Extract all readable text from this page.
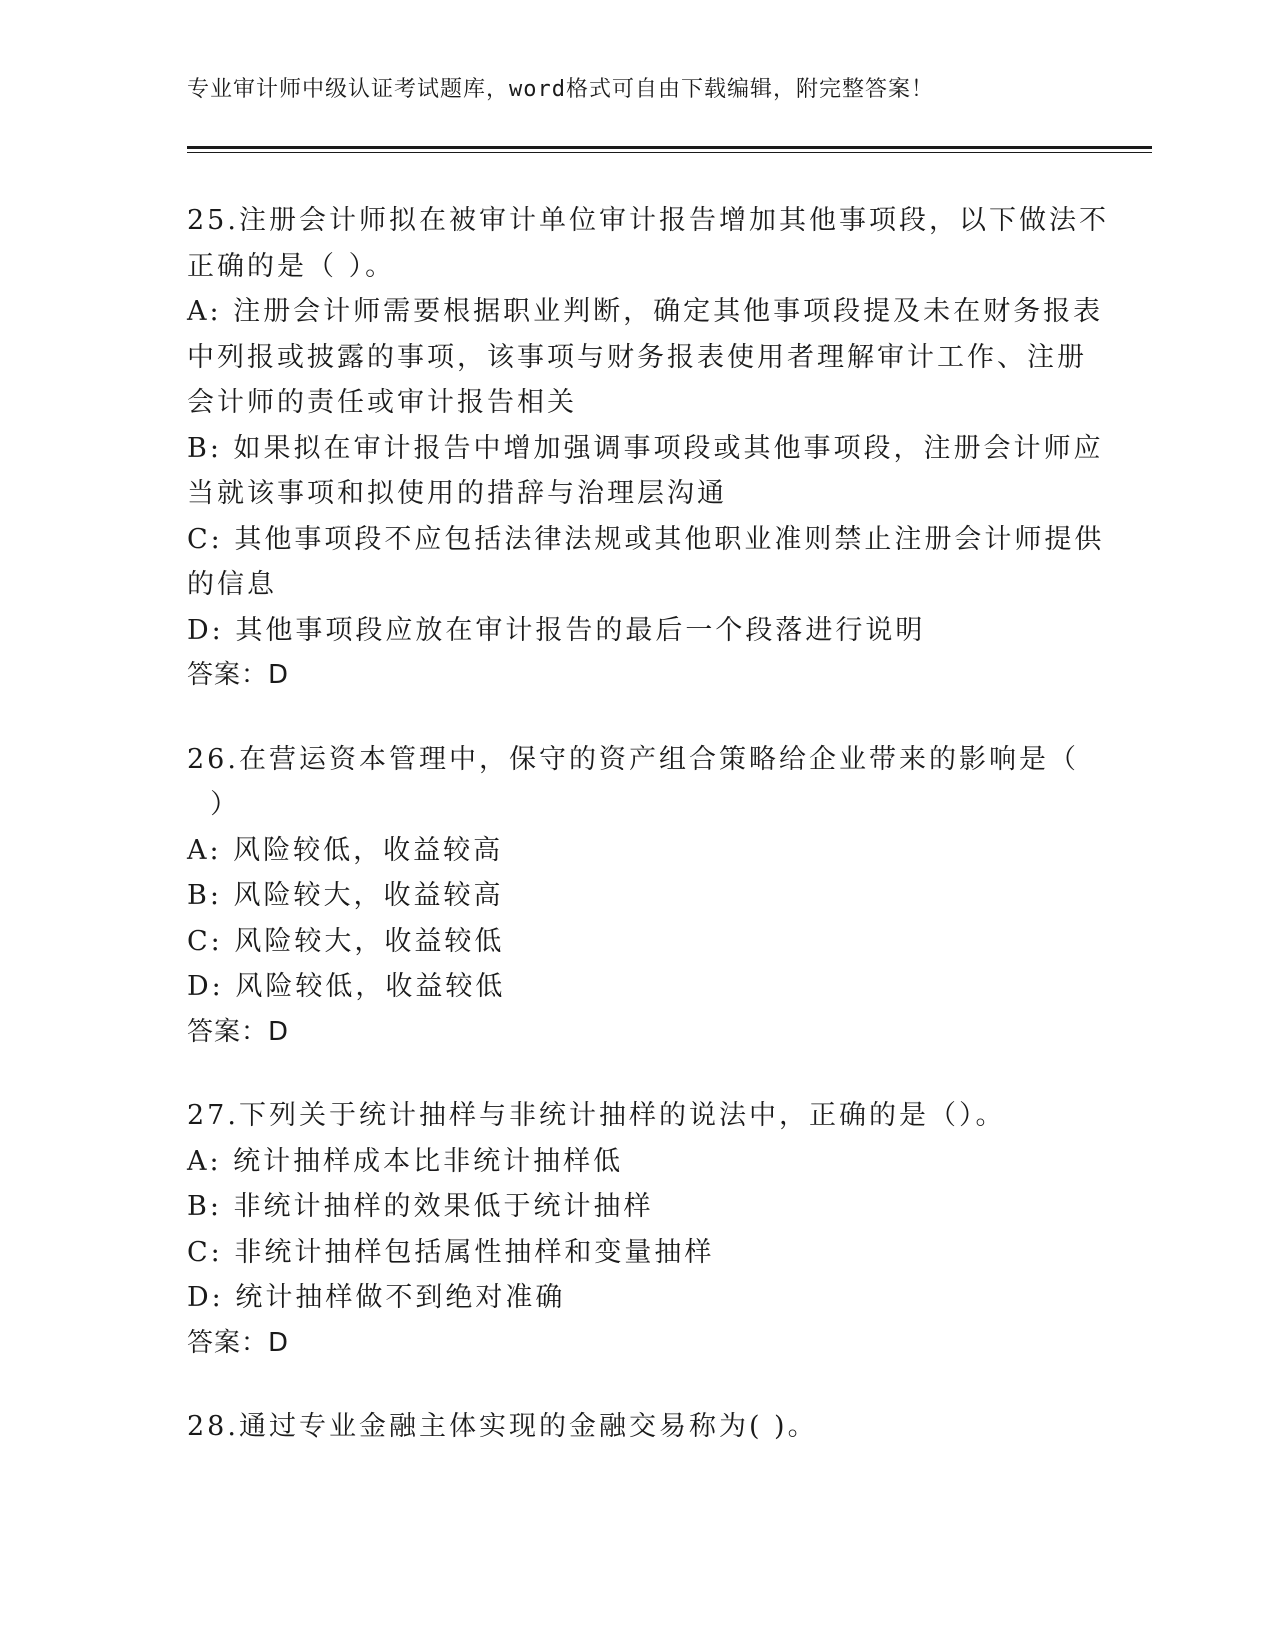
专业审计师中级认证考试题库，word格式可自由下载编辑，附完整答案！
25.注册会计师拟在被审计单位审计报告增加其他事项段，以下做法不
正确的是（ ）。
A: 注册会计师需要根据职业判断，确定其他事项段提及未在财务报表
中列报或披露的事项，该事项与财务报表使用者理解审计工作、注册
会计师的责任或审计报告相关
B: 如果拟在审计报告中增加强调事项段或其他事项段，注册会计师应
当就该事项和拟使用的措辞与治理层沟通
C: 其他事项段不应包括法律法规或其他职业准则禁止注册会计师提供
的信息
D: 其他事项段应放在审计报告的最后一个段落进行说明
答案：D
26.在营运资本管理中，保守的资产组合策略给企业带来的影响是（
）
A: 风险较低，收益较高
B: 风险较大，收益较高
C: 风险较大，收益较低
D: 风险较低，收益较低
答案：D
27.下列关于统计抽样与非统计抽样的说法中，正确的是（）。
A: 统计抽样成本比非统计抽样低
B: 非统计抽样的效果低于统计抽样
C: 非统计抽样包括属性抽样和变量抽样
D: 统计抽样做不到绝对准确
答案：D
28.通过专业金融主体实现的金融交易称为( )。
